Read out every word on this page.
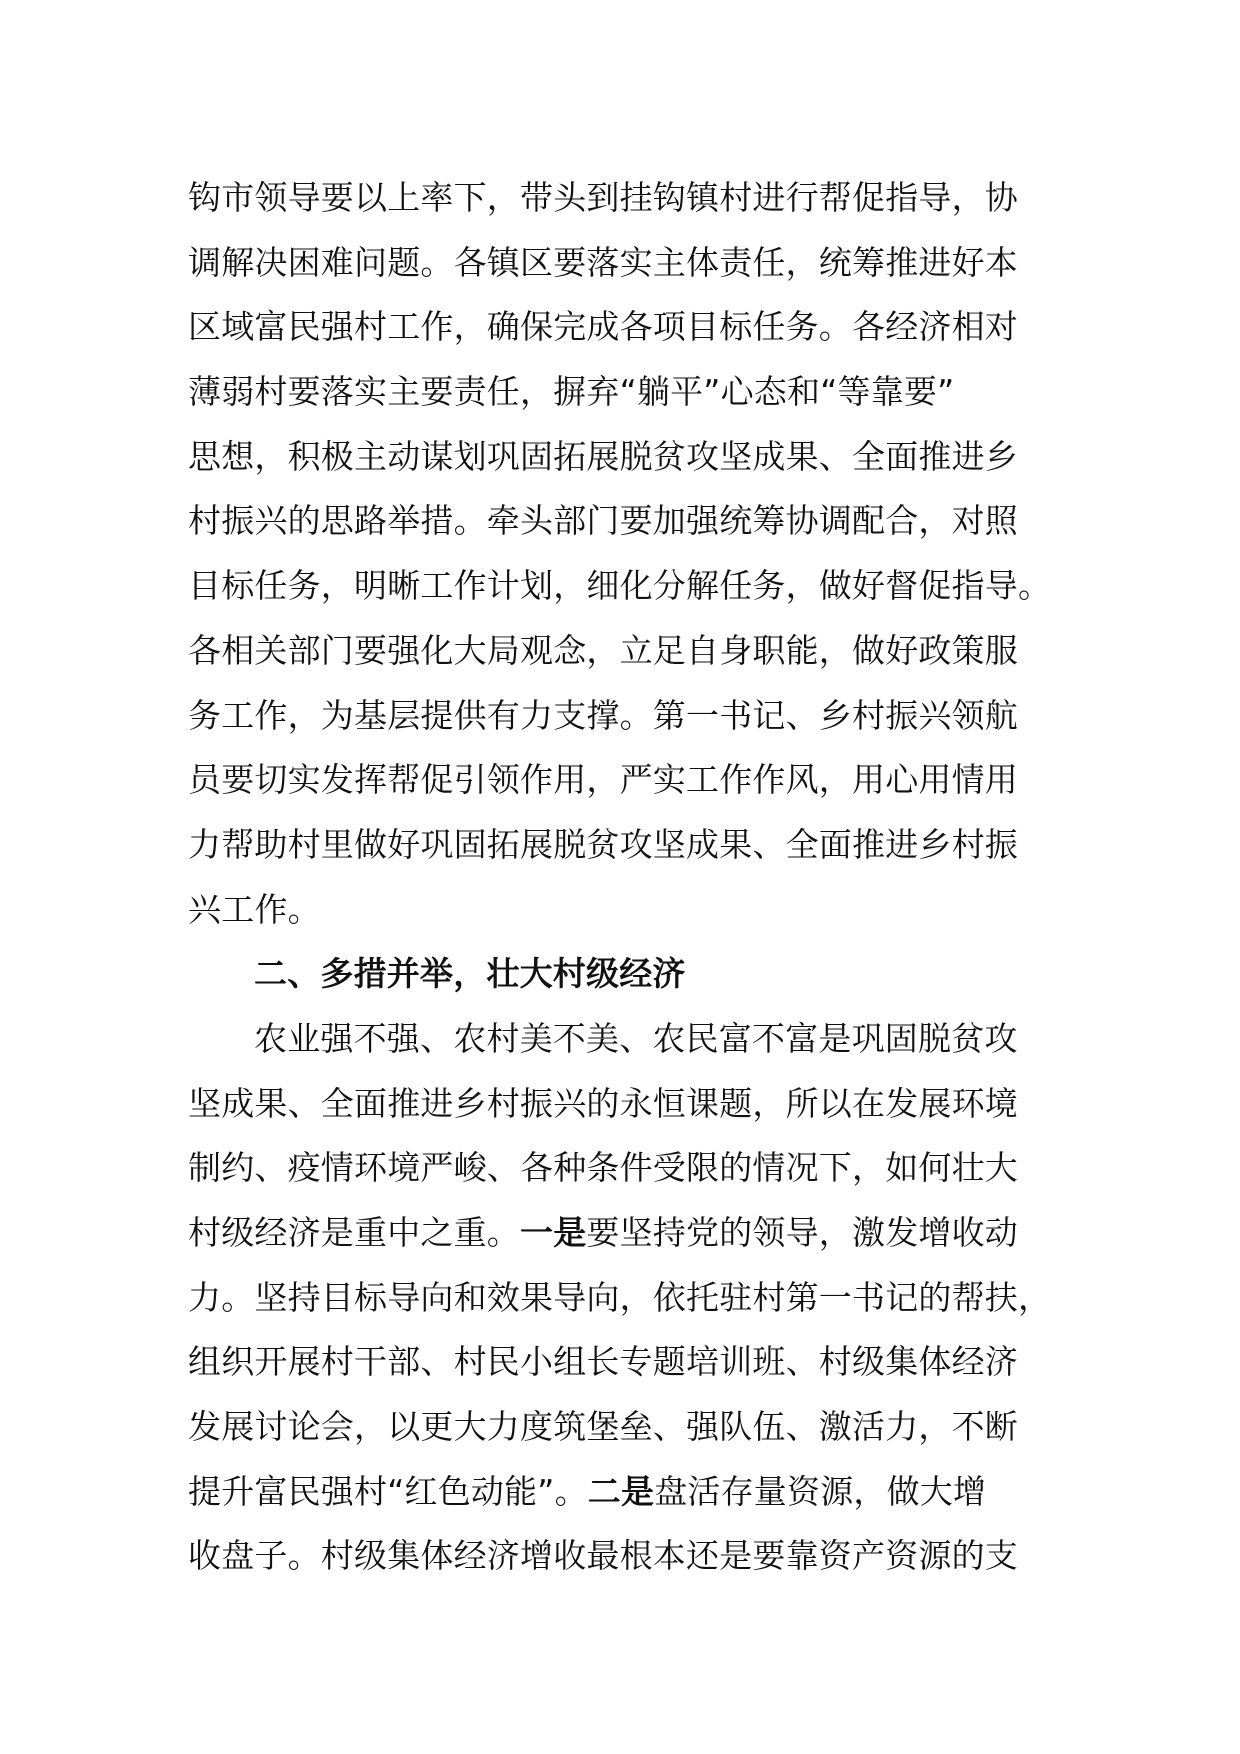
钩市领导要以上率下，带头到挂钩镇村进行帮促指导，协
调解决困难问题。各镇区要落实主体责任，统筹推进好本
区域富民强村工作，确保完成各项目标任务。各经济相对
薄弱村要落实主要责任，摒弃“躺平”心态和“等靠要”
思想，积极主动谋划巩固拓展脱贫攻坚成果、全面推进乡
村振兴的思路举措。牵头部门要加强统筹协调配合，对照
目标任务，明晰工作计划，细化分解任务，做好督促指导。
各相关部门要强化大局观念，立足自身职能，做好政策服
务工作，为基层提供有力支撑。第一书记、乡村振兴领航
员要切实发挥帮促引领作用，严实工作作风，用心用情用
力帮助村里做好巩固拓展脱贫攻坚成果、全面推进乡村振
兴工作。
二、多措并举，壮大村级经济
农业强不强、农村美不美、农民富不富是巩固脱贫攻
坚成果、全面推进乡村振兴的永恒课题，所以在发展环境
制约、疫情环境严峻、各种条件受限的情况下，如何壮大
村级经济是重中之重。一是要坚持党的领导，激发增收动
力。坚持目标导向和效果导向，依托驻村第一书记的帮扶，
组织开展村干部、村民小组长专题培训班、村级集体经济
发展讨论会，以更大力度筑堡垒、强队伍、激活力，不断
提升富民强村“红色动能”。二是盘活存量资源，做大增
收盘子。村级集体经济增收最根本还是要靠资产资源的支
